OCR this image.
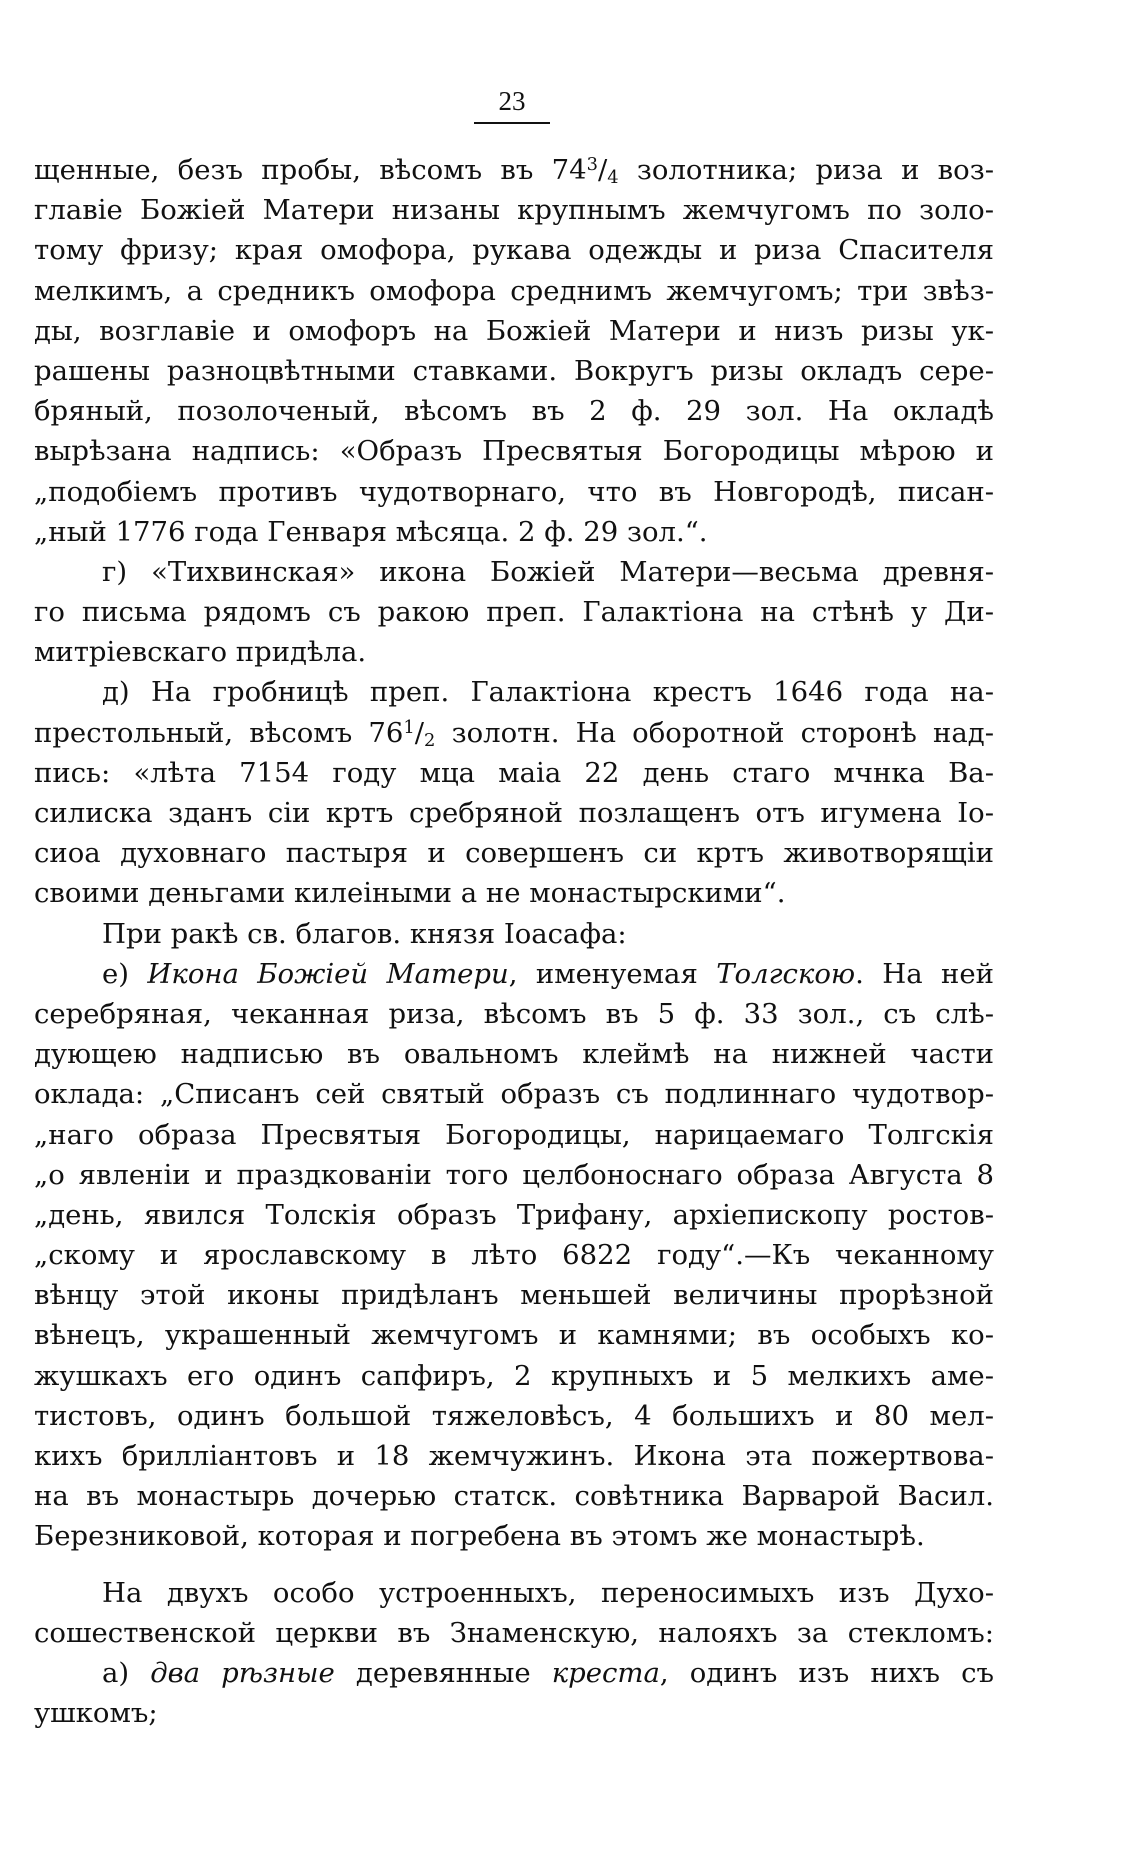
23
щенные, безъ пробы, вѣсомъ въ $74^3/4$ золотника; риза и воз-
главіе Божіей Матери низаны крупнымъ жемчугомъ по золо-
тому фризу; края омофора, рукава одежды и риза Спасителя
мелкимъ, а средникъ омофора среднимъ жемчугомъ; три звѣз-
ды, возглавіе и омофоръ на Божіей Матери и низъ ризы ук-
рашены разноцвѣтными ставками. Вокругъ ризы окладъ сере-
бряный, позолоченый, вѣсомъ въ 2 ф. 29 зол. На окладѣ
вырѣзана надпись: «Образъ Пресвятыя Богородицы мѣрою и
„подобіемъ противъ чудотворнаго, что въ Новгородѣ, писан-
„ный 1776 года Генваря мѣсяца. 2 ф. 29 зол.“.
г) «Тихвинская» икона Божіей Матери—весьма древня-
го письма рядомъ съ ракою преп. Галактіона на стѣнѣ у Ди-
митріевскаго придѣла.
д) На гробницѣ преп. Галактіона крестъ 1646 года на-
престольный, вѣсомъ $76^1/2$ золотн. На оборотной сторонѣ над-
пись: «лѣта 7154 году мца маіа 22 день стаго мчнка Ва-
силиска зданъ сіи кртъ сребряной позлащенъ отъ игумена Іо-
сиоа духовнаго пастыря и совершенъ си кртъ животворящіи
своими деньгами килеіными а не монастырскими“.
При ракѣ св. благов. князя Іоасафа:
е) Икона Божіей Матери, именуемая Толгскою. На ней
серебряная, чеканная риза, вѣсомъ въ 5 ф. 33 зол., съ слѣ-
дующею надписью въ овальномъ клеймѣ на нижней части
оклада: „Списанъ сей святый образъ съ подлиннаго чудотвор-
„наго образа Пресвятыя Богородицы, нарицаемаго Толгскія
„о явленіи и праздкованіи того целбоноснаго образа Августа 8
„день, явился Толскія образъ Трифану, архіепископу ростов-
„скому и ярославскому в лѣто 6822 году“.—Къ чеканному
вѣнцу этой иконы придѣланъ меньшей величины прорѣзной
вѣнецъ, украшенный жемчугомъ и камнями; въ особыхъ ко-
жушкахъ его одинъ сапфиръ, 2 крупныхъ и 5 мелкихъ аме-
тистовъ, одинъ большой тяжеловѣсъ, 4 большихъ и 80 мел-
кихъ брилліантовъ и 18 жемчужинъ. Икона эта пожертвова-
на въ монастырь дочерью статск. совѣтника Варварой Васил.
Березниковой, которая и погребена въ этомъ же монастырѣ.
На двухъ особо устроенныхъ, переносимыхъ изъ Духо-
сошественской церкви въ Знаменскую, налояхъ за стекломъ:
а) два рѣзные деревянные креста, одинъ изъ нихъ съ
ушкомъ;
